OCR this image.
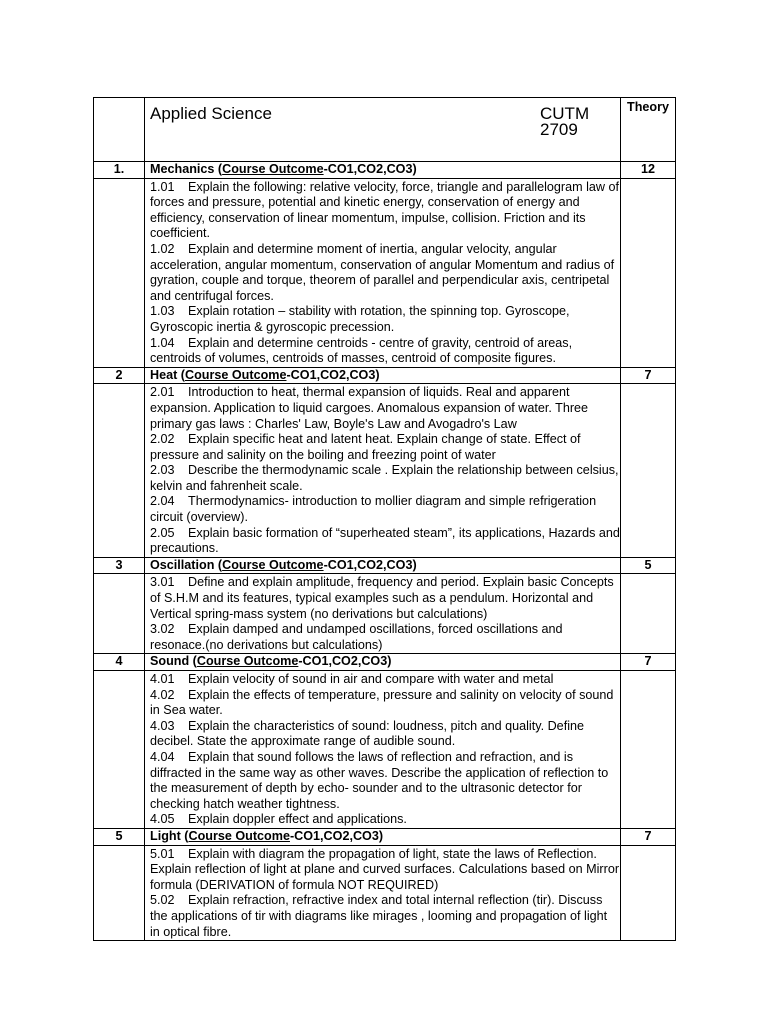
	Applied Science CUTM 2709	Theory
1.	Mechanics (Course Outcome-CO1,CO2,CO3)	12

	1.01 Explain the following: relative velocity, force, triangle and parallelogram law of forces and pressure, potential and kinetic energy, conservation of energy and efficiency, conservation of linear momentum, impulse, collision. Friction and its coefficient.

1.02 Explain and determine moment of inertia, angular velocity, angular acceleration, angular momentum, conservation of angular Momentum and radius of gyration, couple and torque, theorem of parallel and perpendicular axis, centripetal and centrifugal forces.

1.03 Explain rotation – stability with rotation, the spinning top. Gyroscope, Gyroscopic inertia & gyroscopic precession.

1.04 Explain and determine centroids - centre of gravity, centroid of areas, centroids of volumes, centroids of masses, centroid of composite figures.	

2	Heat (Course Outcome-CO1,CO2,CO3)	7

	2.01 Introduction to heat, thermal expansion of liquids. Real and apparent expansion. Application to liquid cargoes. Anomalous expansion of water. Three primary gas laws : Charles' Law, Boyle's Law and Avogadro's Law

2.02 Explain specific heat and latent heat. Explain change of state. Effect of pressure and salinity on the boiling and freezing point of water

2.03 Describe the thermodynamic scale . Explain the relationship between celsius, kelvin and fahrenheit scale.

2.04 Thermodynamics- introduction to mollier diagram and simple refrigeration circuit (overview).

2.05 Explain basic formation of “superheated steam”, its applications, Hazards and precautions.	

3	Oscillation (Course Outcome-CO1,CO2,CO3)	5

	3.01 Define and explain amplitude, frequency and period. Explain basic Concepts of S.H.M and its features, typical examples such as a pendulum. Horizontal and Vertical spring-mass system (no derivations but calculations)

3.02 Explain damped and undamped oscillations, forced oscillations and resonace.(no derivations but calculations)	

4	Sound (Course Outcome-CO1,CO2,CO3)	7

	4.01 Explain velocity of sound in air and compare with water and metal

4.02 Explain the effects of temperature, pressure and salinity on velocity of sound in Sea water.

4.03 Explain the characteristics of sound: loudness, pitch and quality. Define decibel. State the approximate range of audible sound.

4.04 Explain that sound follows the laws of reflection and refraction, and is diffracted in the same way as other waves. Describe the application of reflection to the measurement of depth by echo- sounder and to the ultrasonic detector for checking hatch weather tightness.

4.05 Explain doppler effect and applications.	

5	Light (Course Outcome-CO1,CO2,CO3)	7

	5.01 Explain with diagram the propagation of light, state the laws of Reflection. Explain reflection of light at plane and curved surfaces. Calculations based on Mirror formula (DERIVATION of formula NOT REQUIRED)

5.02 Explain refraction, refractive index and total internal reflection (tir). Discuss the applications of tir with diagrams like mirages , looming and propagation of light in optical fibre.	
